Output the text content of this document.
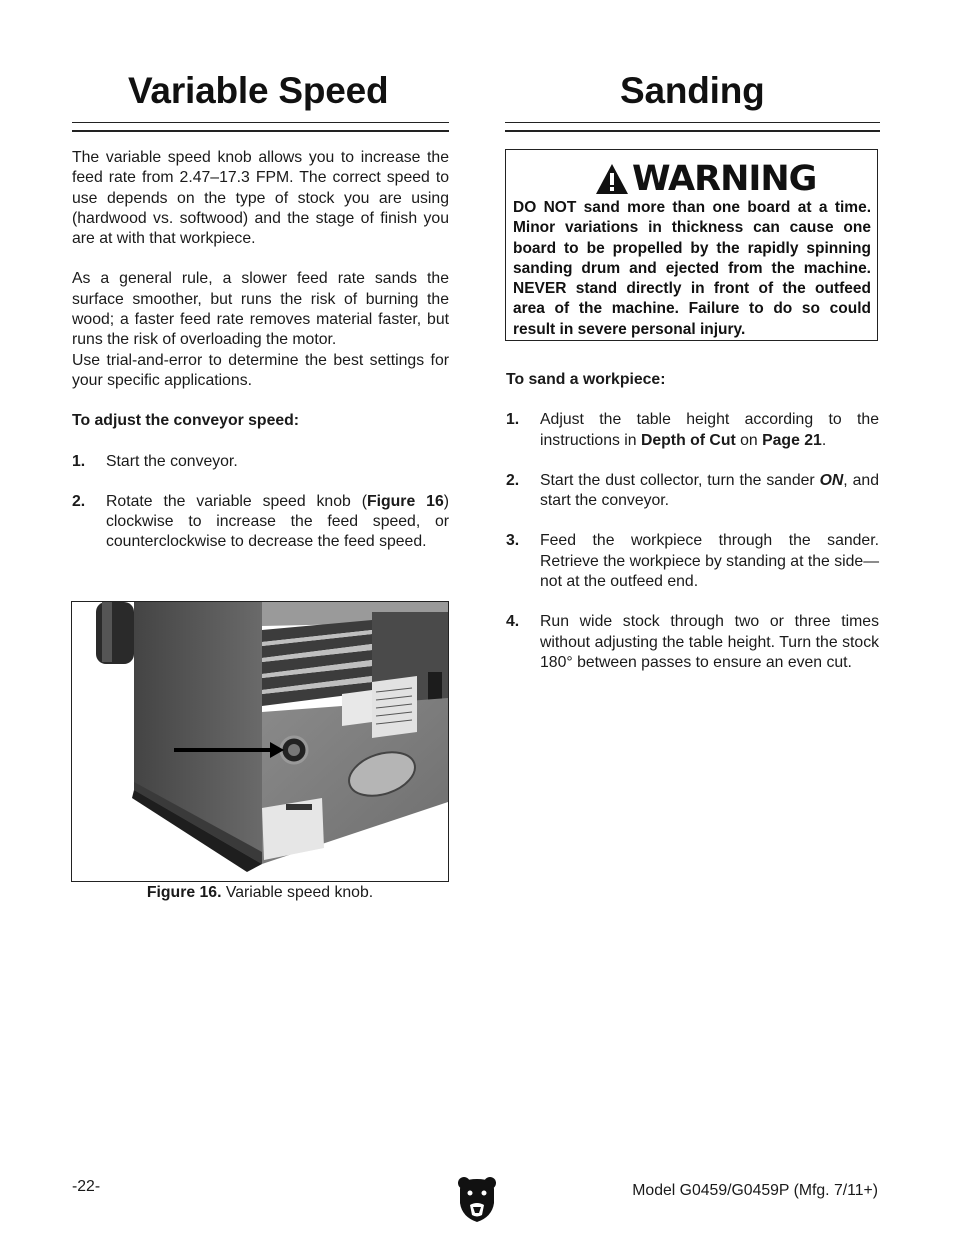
Variable Speed

The variable speed knob allows you to increase the feed rate from 2.47–17.3 FPM. The correct speed to use depends on the type of stock you are using (hardwood vs. softwood) and the stage of finish you are at with that workpiece.

As a general rule, a slower feed rate sands the surface smoother, but runs the risk of burning the wood; a faster feed rate removes material faster, but runs the risk of overloading the motor.

Use trial-and-error to determine the best settings for your specific applications.

To adjust the conveyor speed:

1.	Start the conveyor.
2.	Rotate the variable speed knob (Figure 16) clockwise to increase the feed speed, or counterclockwise to decrease the feed speed.
Figure 16. Variable speed knob.
Sanding
WARNING

DO NOT sand more than one board at a time. Minor variations in thickness can cause one board to be propelled by the rapidly spinning sanding drum and ejected from the machine. NEVER stand directly in front of the outfeed area of the machine. Failure to do so could result in severe personal injury.

To sand a workpiece:

1.	Adjust the table height according to the instructions in Depth of Cut on Page 21.
2.	Start the dust collector, turn the sander ON, and start the conveyor.
3.	Feed the workpiece through the sander. Retrieve the workpiece by standing at the side—not at the outfeed end.
4.	Run wide stock through two or three times without adjusting the table height. Turn the stock 180° between passes to ensure an even cut.
-22-	Model G0459/G0459P (Mfg. 7/11+)
